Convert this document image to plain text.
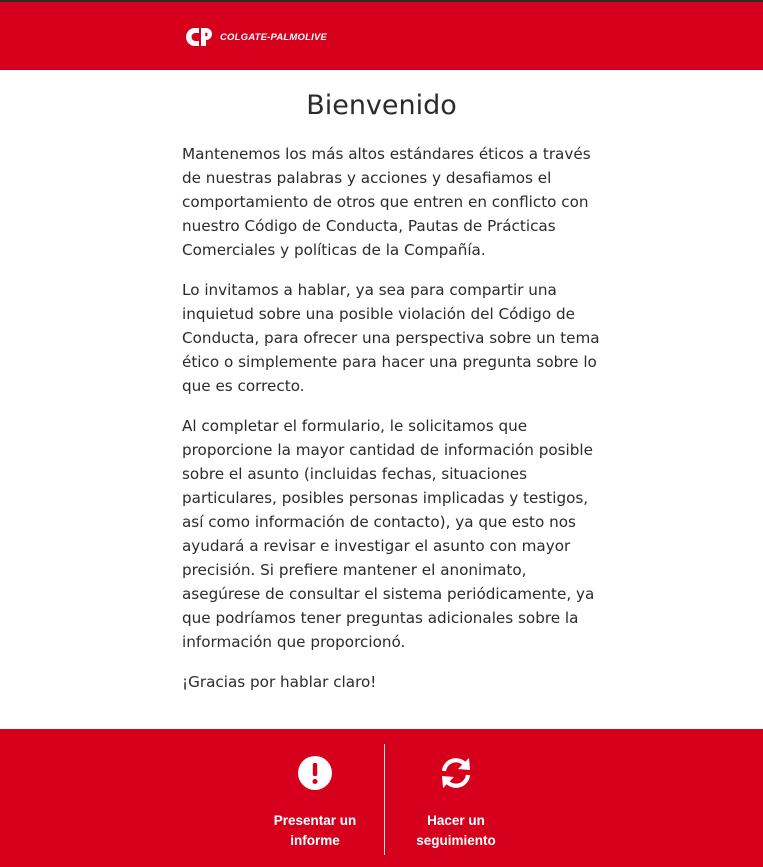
COLGATE-PALMOLIVE
Bienvenido

Mantenemos los más altos estándares éticos a través de nuestras palabras y acciones y desafiamos el comportamiento de otros que entren en conflicto con nuestro Código de Conducta, Pautas de Prácticas Comerciales y políticas de la Compañía.

Lo invitamos a hablar, ya sea para compartir una inquietud sobre una posible violación del Código de Conducta, para ofrecer una perspectiva sobre un tema ético o simplemente para hacer una pregunta sobre lo que es correcto.

Al completar el formulario, le solicitamos que proporcione la mayor cantidad de información posible sobre el asunto (incluidas fechas, situaciones particulares, posibles personas implicadas y testigos, así como información de contacto), ya que esto nos ayudará a revisar e investigar el asunto con mayor precisión. Si prefiere mantener el anonimato, asegúrese de consultar el sistema periódicamente, ya que podríamos tener preguntas adicionales sobre la información que proporcionó.

¡Gracias por hablar claro!

Presentar un
informe
Hacer un
seguimiento
